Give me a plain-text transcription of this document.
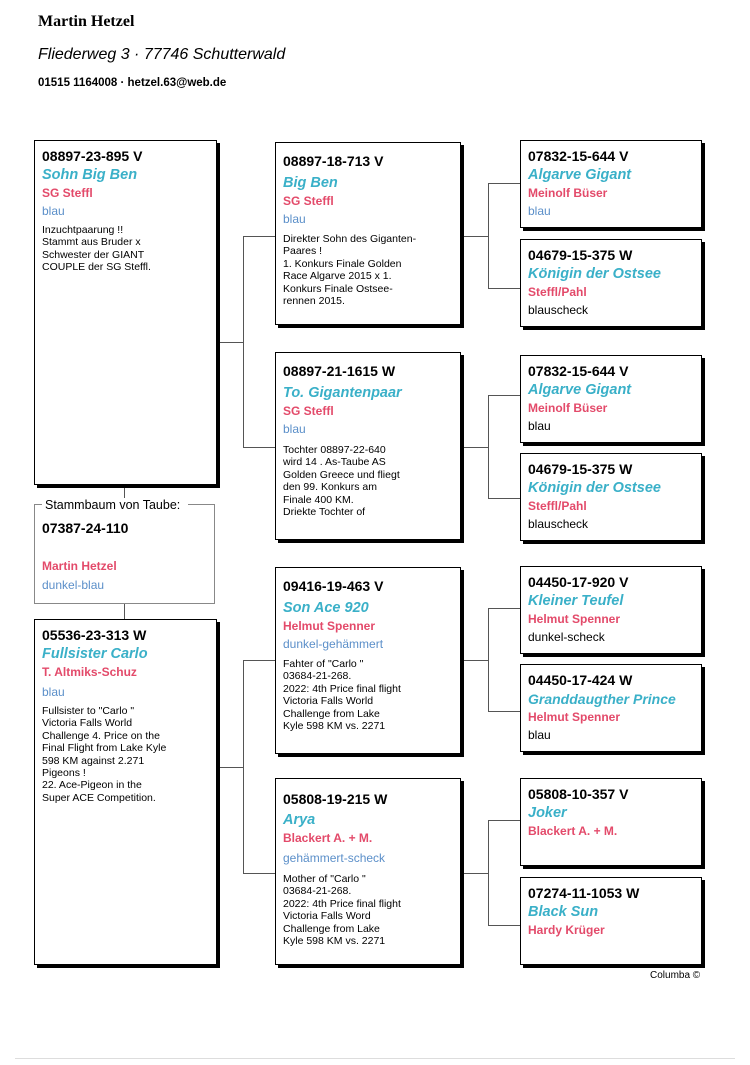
Martin Hetzel
Fliederweg 3 · 77746 Schutterwald
01515 1164008 · hetzel.63@web.de
08897-23-895 V
Sohn Big Ben
SG Steffl
blau
Inzuchtpaarung !!
Stammt aus Bruder x
Schwester der GIANT
COUPLE der SG Steffl.
Stammbaum von Taube:
07387-24-110
Martin Hetzel
dunkel-blau
05536-23-313 W
Fullsister Carlo
T. Altmiks-Schuz
blau
Fullsister to "Carlo "
Victoria Falls World
Challenge 4. Price on the
Final Flight from Lake Kyle
598 KM against 2.271
Pigeons !
22. Ace-Pigeon in the
Super ACE Competition.
08897-18-713 V
Big Ben
SG Steffl
blau
Direkter Sohn des Giganten-
Paares !
1. Konkurs Finale Golden
Race Algarve 2015 x 1.
Konkurs Finale Ostsee-
rennen 2015.
08897-21-1615 W
To. Gigantenpaar
SG Steffl
blau
Tochter 08897-22-640
wird 14 . As-Taube AS
Golden Greece und fliegt
den 99. Konkurs am
Finale 400 KM.
Driekte Tochter of
09416-19-463 V
Son Ace 920
Helmut Spenner
dunkel-gehämmert
Fahter of "Carlo "
03684-21-268.
2022: 4th Price final flight
Victoria Falls World
Challenge from Lake
Kyle 598 KM vs. 2271
05808-19-215 W
Arya
Blackert A. + M.
gehämmert-scheck
Mother of "Carlo "
03684-21-268.
2022: 4th Price final flight
Victoria Falls Word
Challenge from Lake
Kyle 598 KM vs. 2271
07832-15-644 V
Algarve Gigant
Meinolf Büser
blau
04679-15-375 W
Königin der Ostsee
Steffl/Pahl
blauscheck
07832-15-644 V
Algarve Gigant
Meinolf Büser
blau
04679-15-375 W
Königin der Ostsee
Steffl/Pahl
blauscheck
04450-17-920 V
Kleiner Teufel
Helmut Spenner
dunkel-scheck
04450-17-424 W
Granddaugther Prince
Helmut Spenner
blau
05808-10-357 V
Joker
Blackert A. + M.
07274-11-1053 W
Black Sun
Hardy Krüger
Columba ©
